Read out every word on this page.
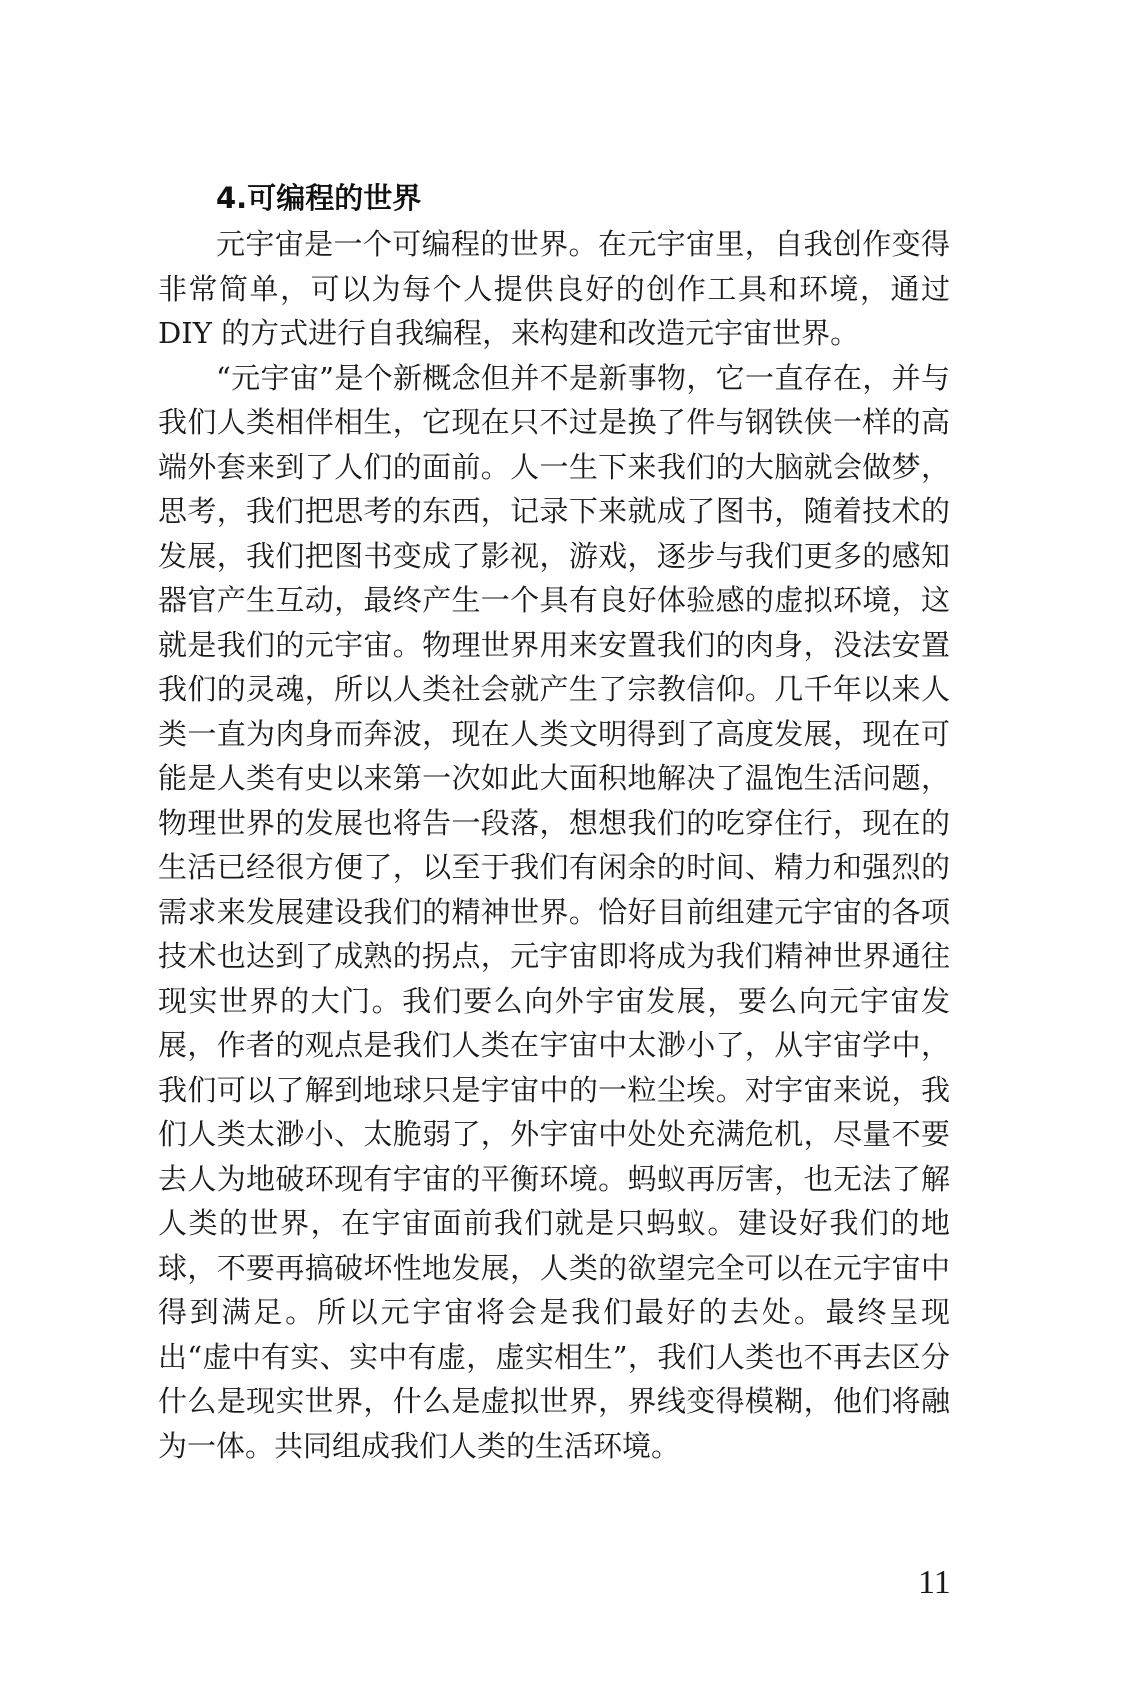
4.可编程的世界

元宇宙是一个可编程的世界。在元宇宙里，自我创作变得非常简单，可以为每个人提供良好的创作工具和环境，通过 DIY 的方式进行自我编程，来构建和改造元宇宙世界。

“元宇宙”是个新概念但并不是新事物，它一直存在，并与我们人类相伴相生，它现在只不过是换了件与钢铁侠一样的高端外套来到了人们的面前。人一生下来我们的大脑就会做梦，思考，我们把思考的东西，记录下来就成了图书，随着技术的发展，我们把图书变成了影视，游戏，逐步与我们更多的感知器官产生互动，最终产生一个具有良好体验感的虚拟环境，这就是我们的元宇宙。物理世界用来安置我们的肉身，没法安置我们的灵魂，所以人类社会就产生了宗教信仰。几千年以来人类一直为肉身而奔波，现在人类文明得到了高度发展，现在可能是人类有史以来第一次如此大面积地解决了温饱生活问题，物理世界的发展也将告一段落，想想我们的吃穿住行，现在的生活已经很方便了，以至于我们有闲余的时间、精力和强烈的需求来发展建设我们的精神世界。恰好目前组建元宇宙的各项技术也达到了成熟的拐点，元宇宙即将成为我们精神世界通往现实世界的大门。我们要么向外宇宙发展，要么向元宇宙发展，作者的观点是我们人类在宇宙中太渺小了，从宇宙学中，我们可以了解到地球只是宇宙中的一粒尘埃。对宇宙来说，我们人类太渺小、太脆弱了，外宇宙中处处充满危机，尽量不要去人为地破环现有宇宙的平衡环境。蚂蚁再厉害，也无法了解人类的世界，在宇宙面前我们就是只蚂蚁。建设好我们的地球，不要再搞破坏性地发展，人类的欲望完全可以在元宇宙中得到满足。所以元宇宙将会是我们最好的去处。最终呈现出“虚中有实、实中有虚，虚实相生”，我们人类也不再去区分什么是现实世界，什么是虚拟世界，界线变得模糊，他们将融为一体。共同组成我们人类的生活环境。

11
